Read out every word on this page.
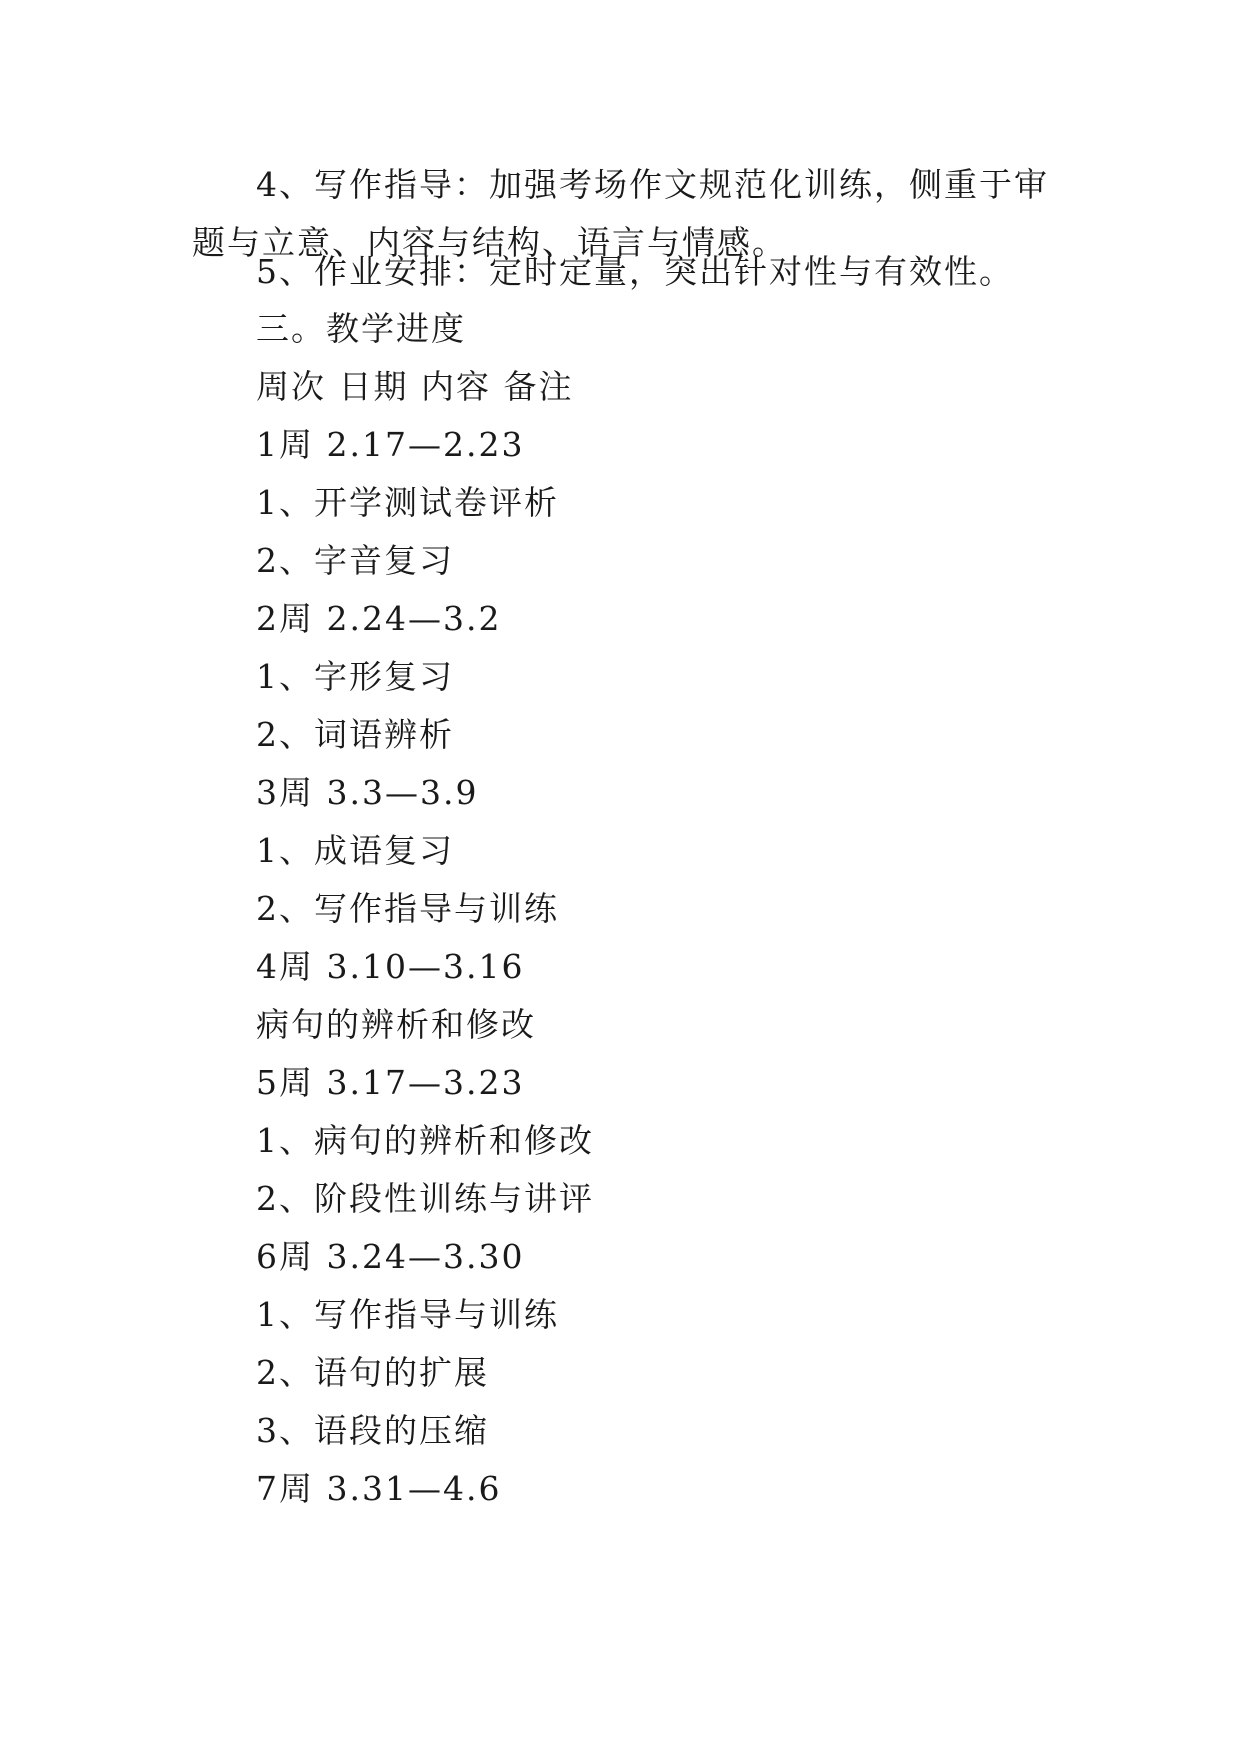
4、写作指导：加强考场作文规范化训练，侧重于审题与立意、内容与结构、语言与情感。
5、作业安排：定时定量，突出针对性与有效性。
三。教学进度
周次 日期 内容 备注
1周 2.17—2.23
1、开学测试卷评析
2、字音复习
2周 2.24—3.2
1、字形复习
2、词语辨析
3周 3.3—3.9
1、成语复习
2、写作指导与训练
4周 3.10—3.16
病句的辨析和修改
5周 3.17—3.23
1、病句的辨析和修改
2、阶段性训练与讲评
6周 3.24—3.30
1、写作指导与训练
2、语句的扩展
3、语段的压缩
7周 3.31—4.6
